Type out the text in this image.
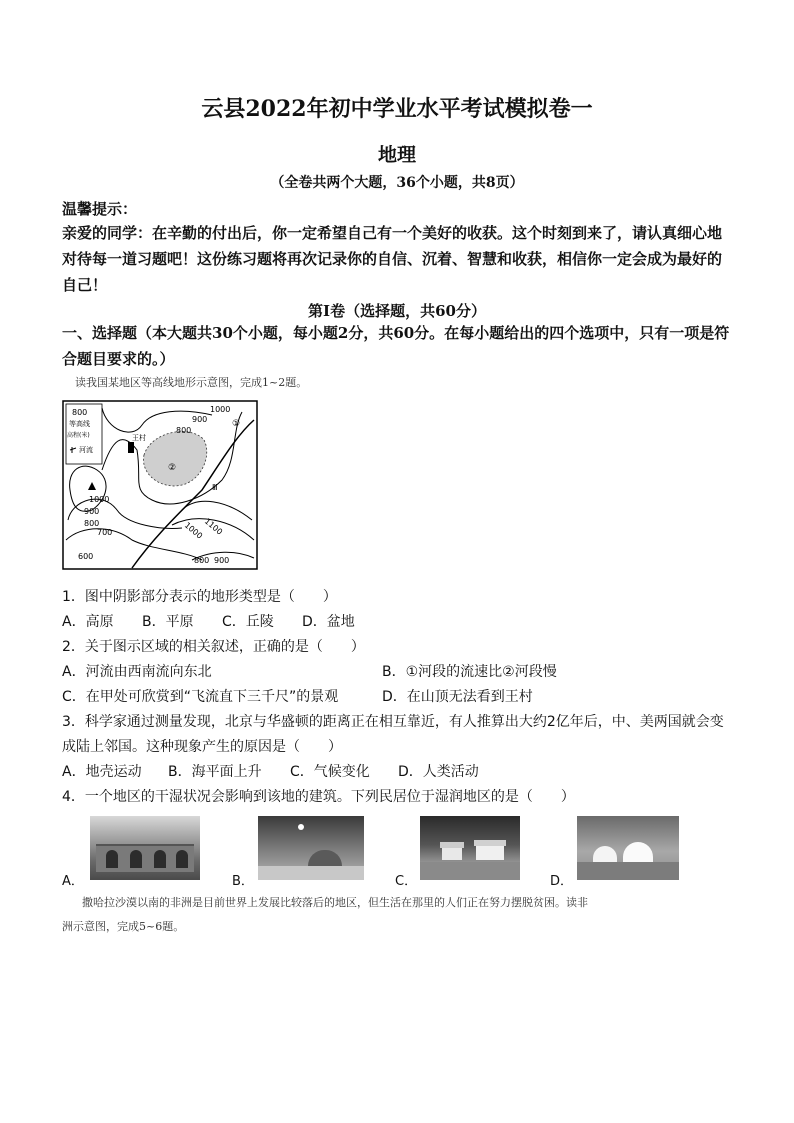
云县2022年初中学业水平考试模拟卷一
地理
（全卷共两个大题，36个小题，共8页）
温馨提示：
亲爱的同学：在辛勤的付出后，你一定希望自己有一个美好的收获。这个时刻到来了，请认真细心地对待每一道习题吧！这份练习题将再次记录你的自信、沉着、智慧和收获，相信你一定会成为最好的自己！
第Ⅰ卷（选择题，共60分）
一、选择题（本大题共30个小题，每小题2分，共60分。在每小题给出的四个选项中，只有一项是符合题目要求的。）
读我国某地区等高线地形示意图，完成1~2题。
800
等高线
高程(米)
河流
1000
900
800
1000
900
800
700
600
1000
1100
800 900
王村
①
②
Ⅲ
1．图中阴影部分表示的地形类型是（　　）
A．高原 B．平原 C．丘陵 D．盆地
2．关于图示区域的相关叙述，正确的是（　　）
A．河流由西南流向东北	B．①河段的流速比②河段慢
C．在甲处可欣赏到“飞流直下三千尺”的景观	D．在山顶无法看到王村
3．科学家通过测量发现，北京与华盛顿的距离正在相互靠近，有人推算出大约2亿年后，中、美两国就会变
成陆上邻国。这种现象产生的原因是（　　）
A．地壳运动 B．海平面上升 C．气候变化 D．人类活动
4．一个地区的干湿状况会影响到该地的建筑。下列民居位于湿润地区的是（　　）
A．	B．	C．	D．
撒哈拉沙漠以南的非洲是目前世界上发展比较落后的地区，但生活在那里的人们正在努力摆脱贫困。读非
洲示意图，完成5~6题。
